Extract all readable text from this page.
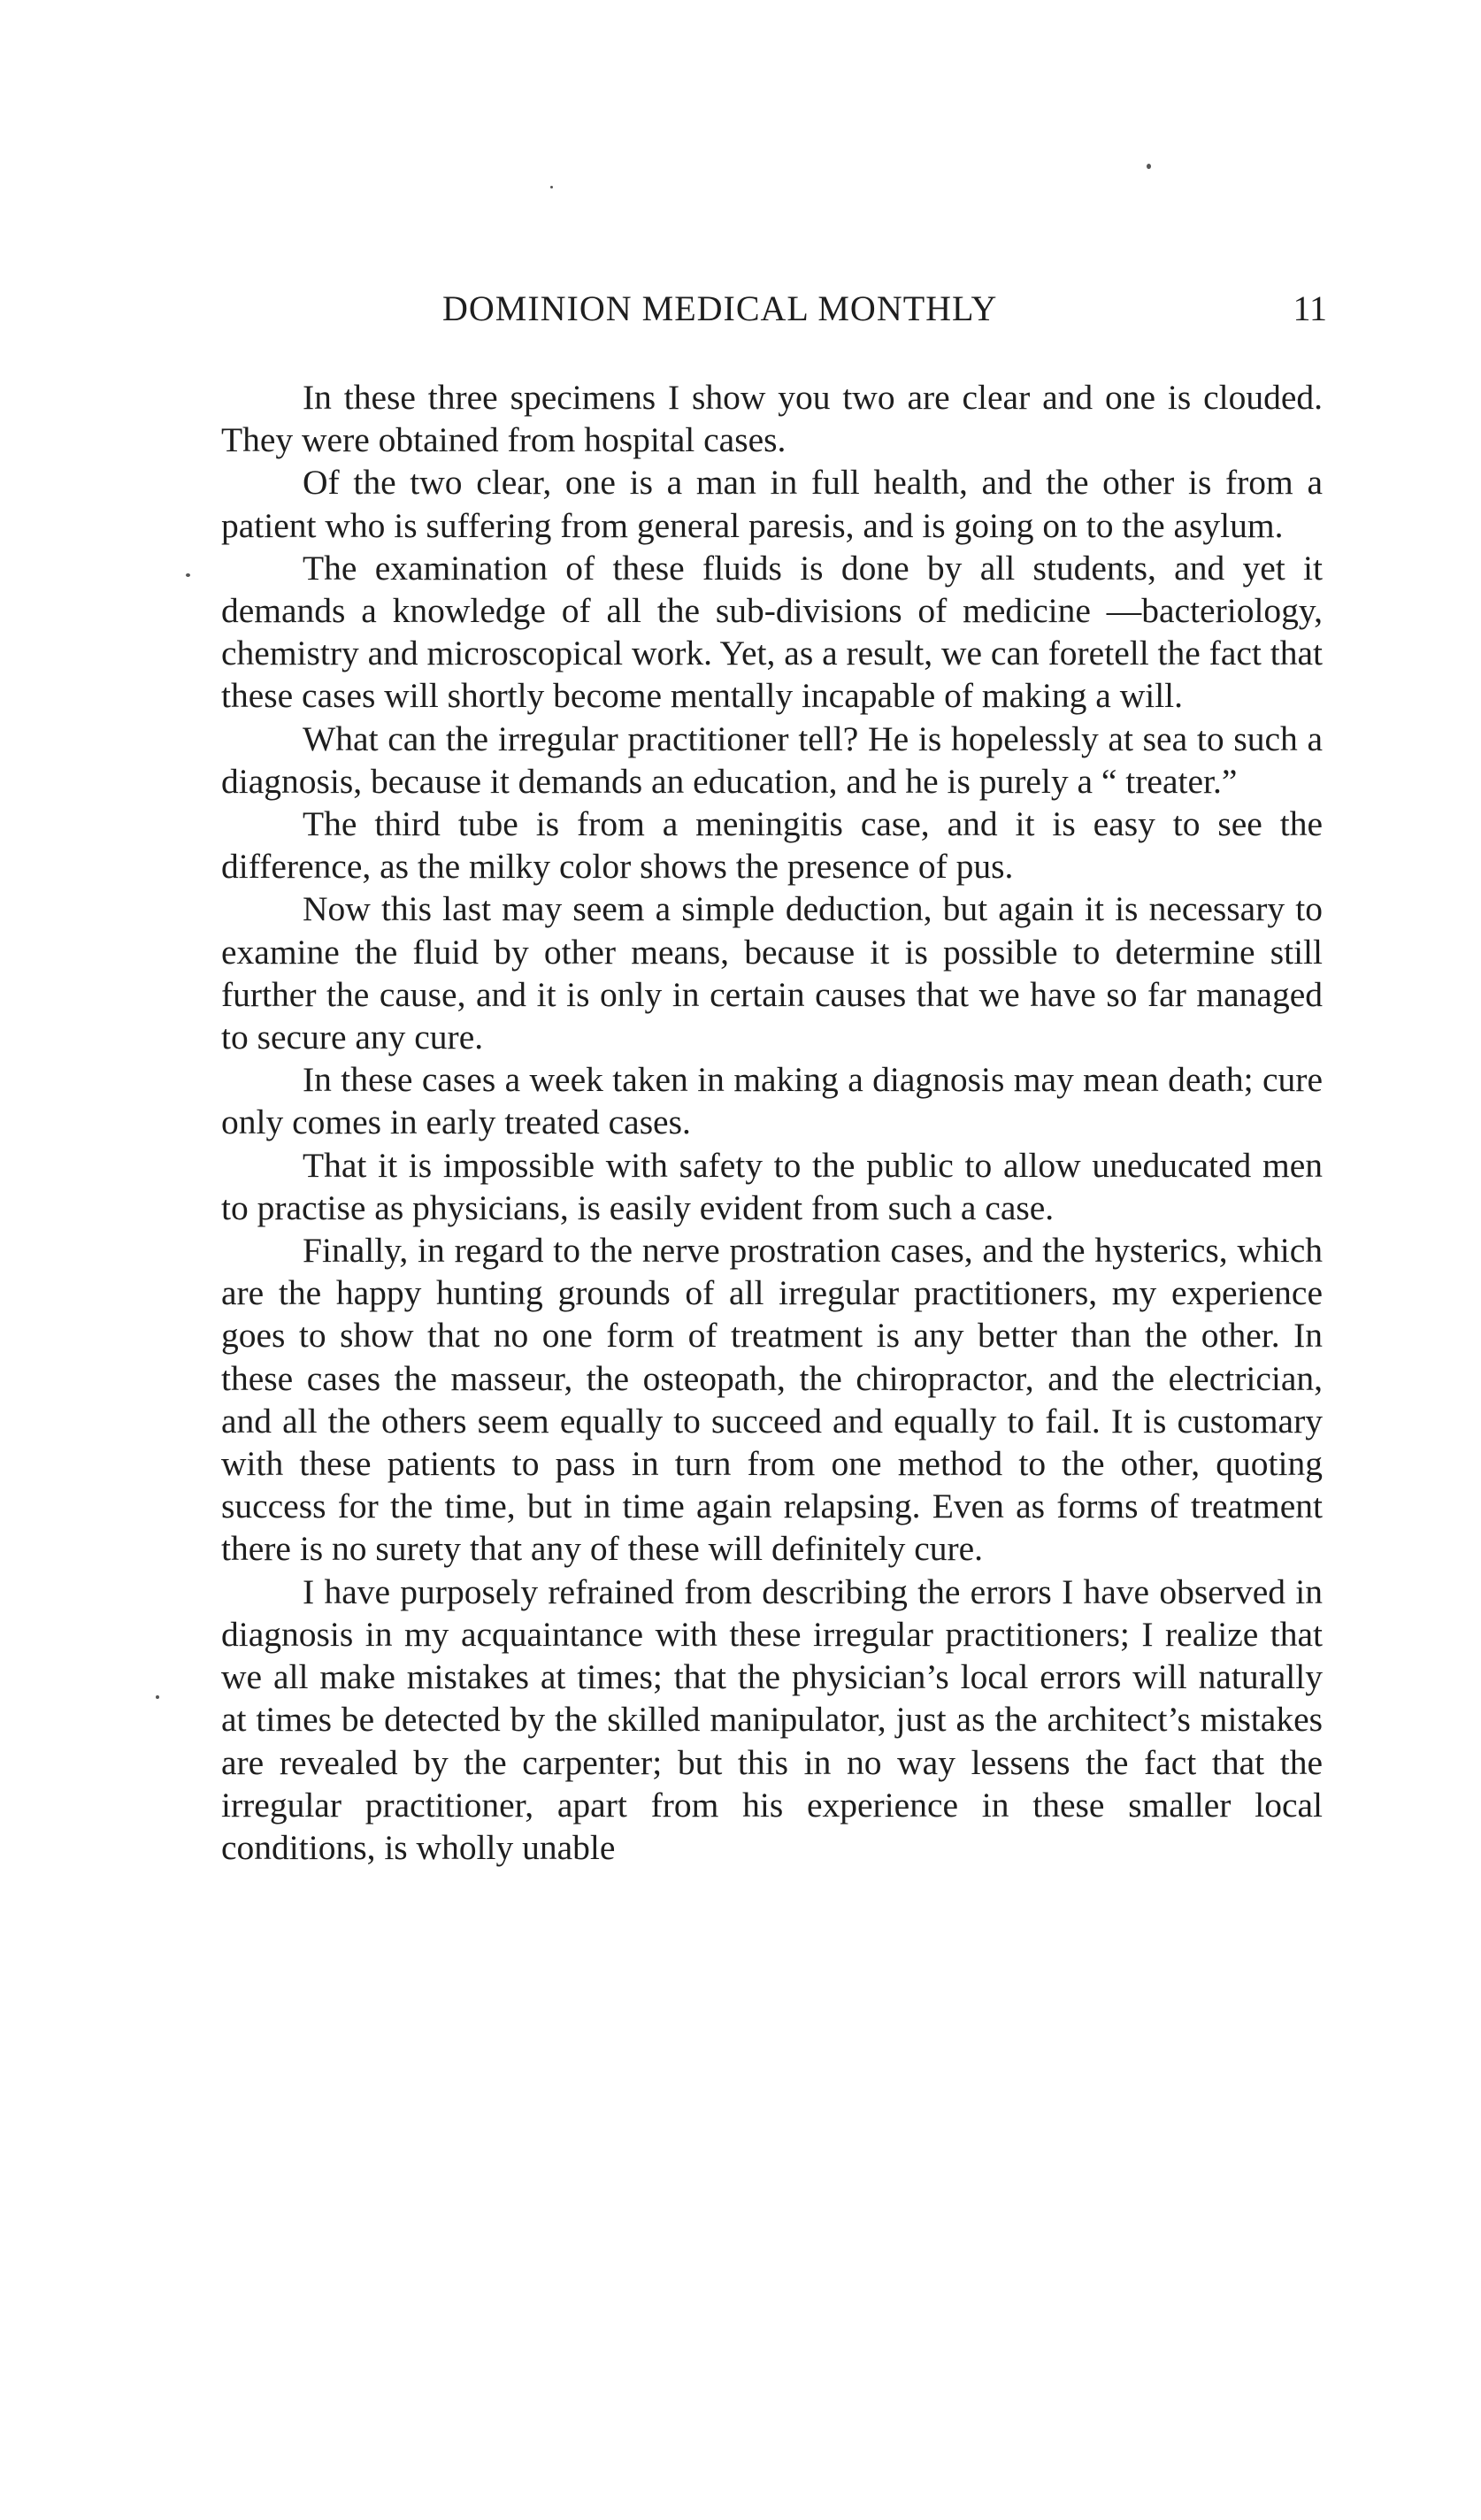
DOMINION MEDICAL MONTHLY	11

In these three specimens I show you two are clear and one is clouded. They were obtained from hospital cases.

Of the two clear, one is a man in full health, and the other is from a patient who is suffering from general paresis, and is going on to the asylum.

The examination of these fluids is done by all students, and yet it demands a knowledge of all the sub-divisions of medicine —bacteriology, chemistry and microscopical work. Yet, as a result, we can foretell the fact that these cases will shortly become mentally incapable of making a will.

What can the irregular practitioner tell? He is hopelessly at sea to such a diagnosis, because it demands an education, and he is purely a “ treater.”

The third tube is from a meningitis case, and it is easy to see the difference, as the milky color shows the presence of pus.

Now this last may seem a simple deduction, but again it is necessary to examine the fluid by other means, because it is possible to determine still further the cause, and it is only in certain causes that we have so far managed to secure any cure.

In these cases a week taken in making a diagnosis may mean death; cure only comes in early treated cases.

That it is impossible with safety to the public to allow uneducated men to practise as physicians, is easily evident from such a case.

Finally, in regard to the nerve prostration cases, and the hysterics, which are the happy hunting grounds of all irregular practitioners, my experience goes to show that no one form of treatment is any better than the other. In these cases the masseur, the osteopath, the chiropractor, and the electrician, and all the others seem equally to succeed and equally to fail. It is customary with these patients to pass in turn from one method to the other, quoting success for the time, but in time again relapsing. Even as forms of treatment there is no surety that any of these will definitely cure.

I have purposely refrained from describing the errors I have observed in diagnosis in my acquaintance with these irregular practitioners; I realize that we all make mistakes at times; that the physician’s local errors will naturally at times be detected by the skilled manipulator, just as the architect’s mistakes are revealed by the carpenter; but this in no way lessens the fact that the irregular practitioner, apart from his experience in these smaller local conditions, is wholly unable
